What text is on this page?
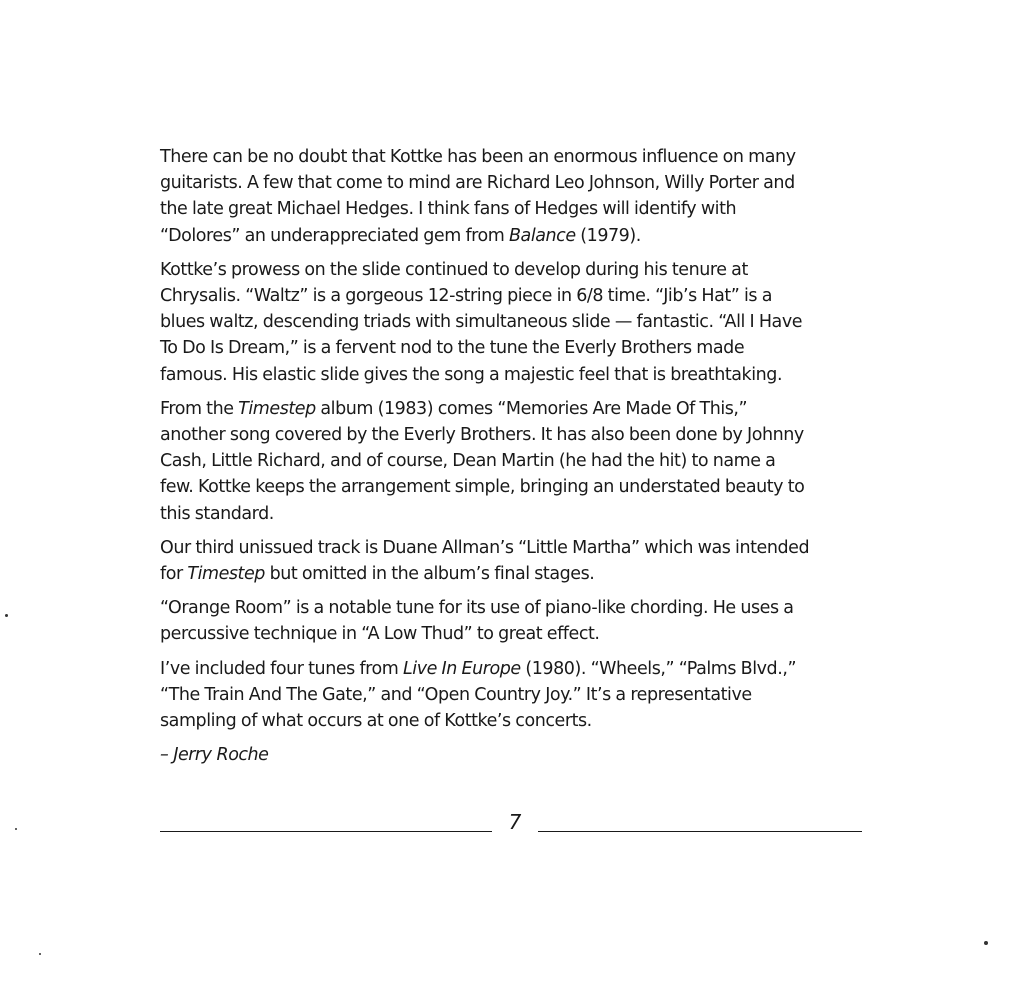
There can be no doubt that Kottke has been an enormous influence on many
guitarists. A few that come to mind are Richard Leo Johnson, Willy Porter and
the late great Michael Hedges. I think fans of Hedges will identify with
“Dolores” an underappreciated gem from Balance (1979).

Kottke’s prowess on the slide continued to develop during his tenure at
Chrysalis. “Waltz” is a gorgeous 12-string piece in 6/8 time. “Jib’s Hat” is a
blues waltz, descending triads with simultaneous slide — fantastic. “All I Have
To Do Is Dream,” is a fervent nod to the tune the Everly Brothers made
famous. His elastic slide gives the song a majestic feel that is breathtaking.

From the Timestep album (1983) comes “Memories Are Made Of This,”
another song covered by the Everly Brothers. It has also been done by Johnny
Cash, Little Richard, and of course, Dean Martin (he had the hit) to name a
few. Kottke keeps the arrangement simple, bringing an understated beauty to
this standard.

Our third unissued track is Duane Allman’s “Little Martha” which was intended
for Timestep but omitted in the album’s final stages.

“Orange Room” is a notable tune for its use of piano-like chording. He uses a
percussive technique in “A Low Thud” to great effect.

I’ve included four tunes from Live In Europe (1980). “Wheels,” “Palms Blvd.,”
“The Train And The Gate,” and “Open Country Joy.” It’s a representative
sampling of what occurs at one of Kottke’s concerts.

– Jerry Roche

7
